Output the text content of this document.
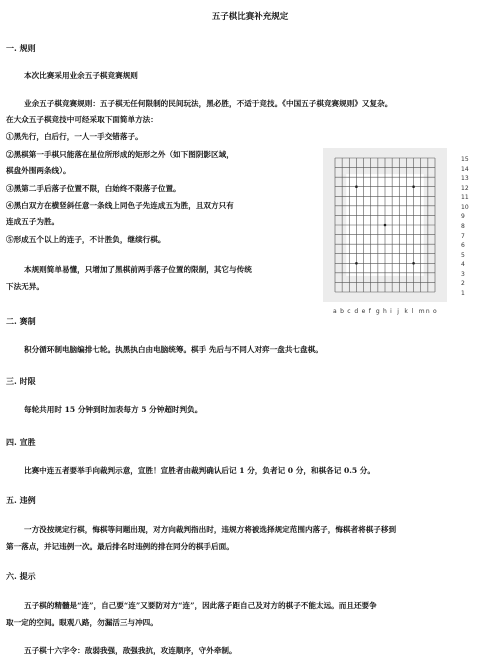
五子棋比赛补充规定
一. 规则
本次比赛采用业余五子棋竞赛规则
业余五子棋竞赛规则：五子棋无任何限制的民间玩法，黑必胜，不适于竞技。《中国五子棋竞赛规则》又复杂。
在大众五子棋竞技中可经采取下面简单方法：
①黑先行，白后行，一人一手交错落子。
②黑棋第一手棋只能落在星位所形成的矩形之外（如下图阴影区域，
棋盘外围两条线）。
③黑第二手后落子位置不限，白始终不限落子位置。
④黑白双方在横竖斜任意一条线上同色子先连成五为胜，且双方只有
连成五子为胜。
⑤形成五个以上的连子，不计胜负，继续行棋。
本规则简单易懂，只增加了黑棋前两手落子位置的限制，其它与传统
下法无异。
15
14
13
12
11
10
9
8
7
6
5
4
3
2
1
a b c d e f g h i j k l m n o
二. 赛制
积分循环制电脑编排七轮。执黑执白由电脑统筹。棋手 先后与不同人对弈一盘共七盘棋。
三. 时限
每轮共用时 15 分钟到时加表每方 5 分钟超时判负。
四. 宣胜
比赛中连五者要举手向裁判示意，宣胜！宣胜者由裁判确认后记 1 分，负者记 0 分，和棋各记 0.5 分。
五. 违例
一方没按规定行棋，悔棋等问题出现，对方向裁判指出时，违规方将被选择规定范围内落子，悔棋者将棋子移到
第一落点，并记违例一次。最后排名时违例的排在同分的棋手后面。
六. 提示
五子棋的精髓是“连”，自己要“连”又要防对方“连”，因此落子距自己及对方的棋子不能太远。而且还要争
取一定的空间。眼观八路，勿漏活三与冲四。
五子棋十六字令：敌弱我强，敌强我抗，攻连顺序，守外牵制。
